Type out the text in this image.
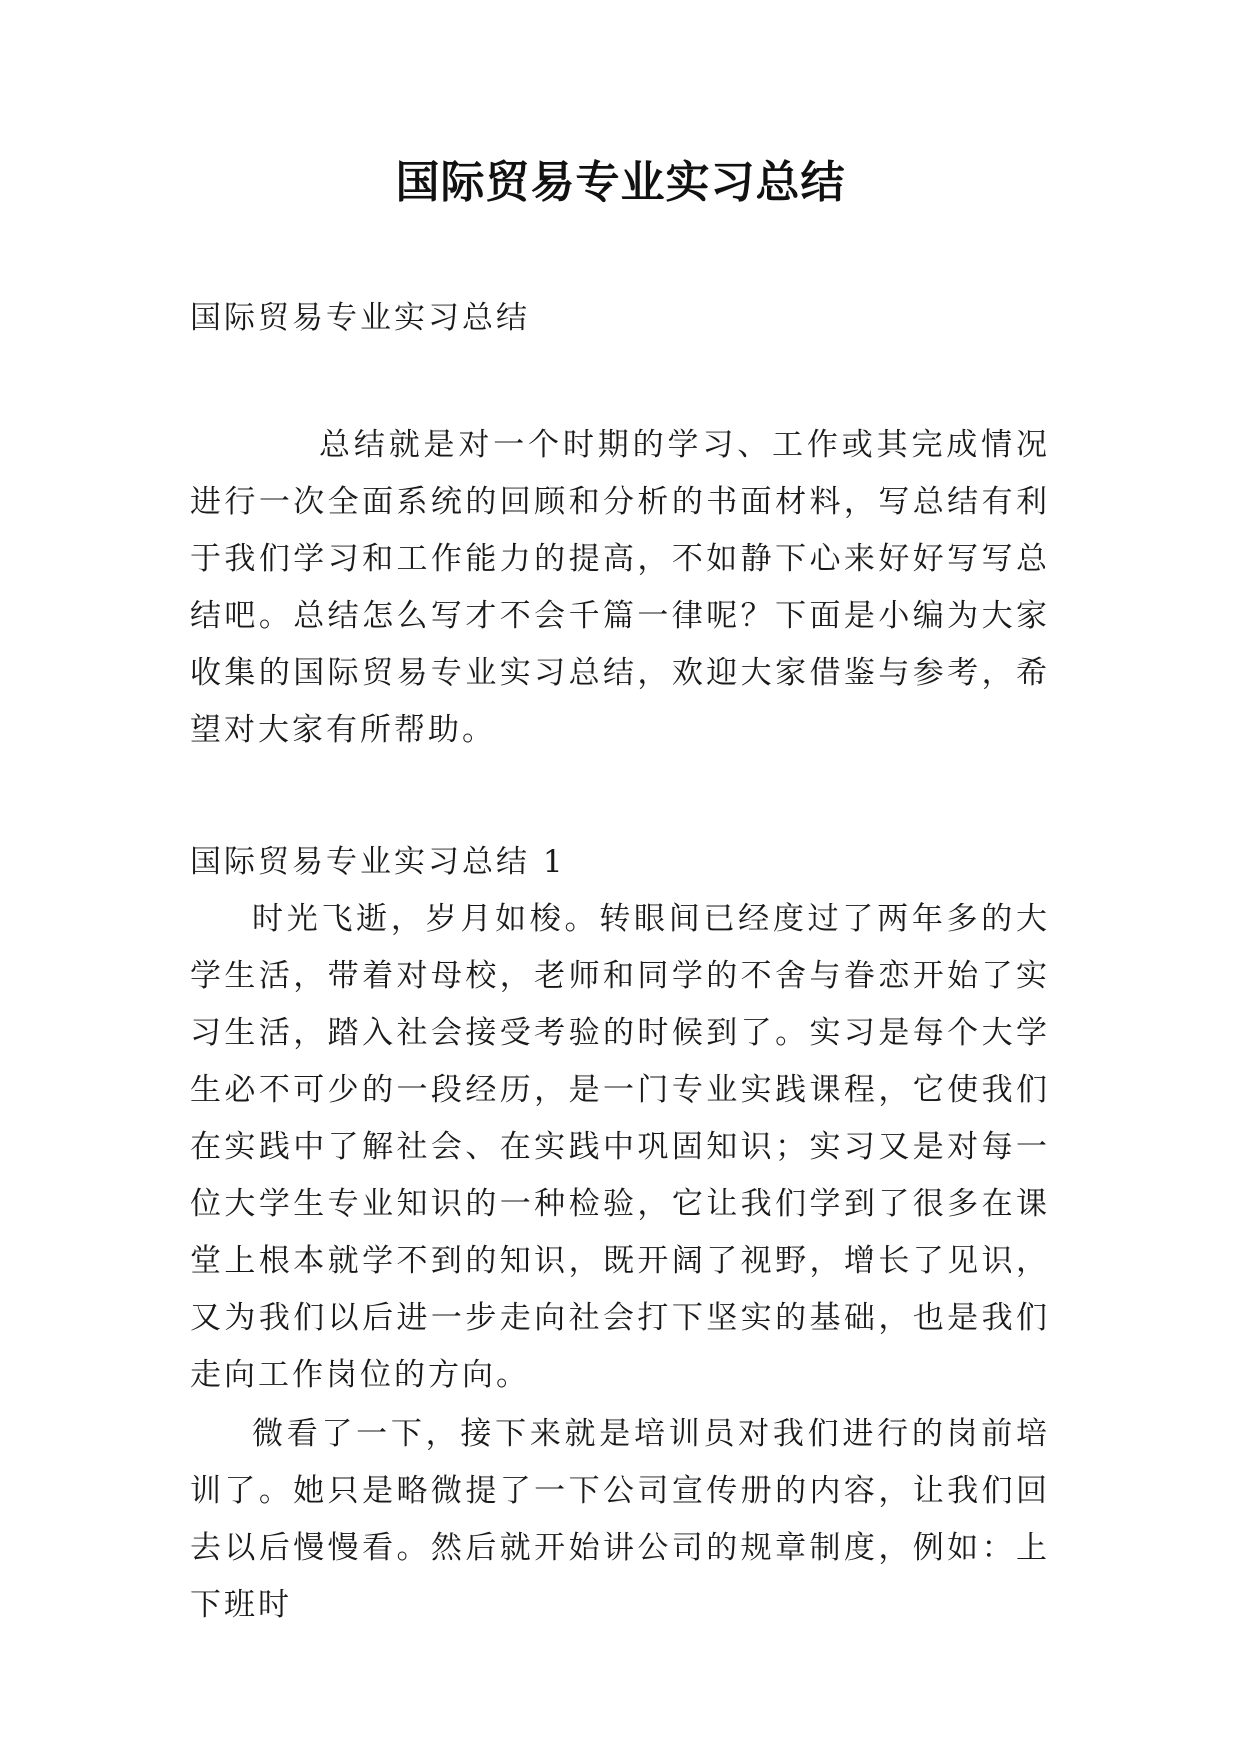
国际贸易专业实习总结
国际贸易专业实习总结

总结就是对一个时期的学习、工作或其完成情况进行一次全面系统的回顾和分析的书面材料，写总结有利于我们学习和工作能力的提高，不如静下心来好好写写总结吧。总结怎么写才不会千篇一律呢？下面是小编为大家收集的国际贸易专业实习总结，欢迎大家借鉴与参考，希望对大家有所帮助。

国际贸易专业实习总结 1

时光飞逝，岁月如梭。转眼间已经度过了两年多的大学生活，带着对母校，老师和同学的不舍与眷恋开始了实习生活，踏入社会接受考验的时候到了。实习是每个大学生必不可少的一段经历，是一门专业实践课程，它使我们在实践中了解社会、在实践中巩固知识；实习又是对每一位大学生专业知识的一种检验，它让我们学到了很多在课堂上根本就学不到的知识，既开阔了视野，增长了见识，又为我们以后进一步走向社会打下坚实的基础，也是我们走向工作岗位的方向。

微看了一下，接下来就是培训员对我们进行的岗前培训了。她只是略微提了一下公司宣传册的内容，让我们回去以后慢慢看。然后就开始讲公司的规章制度，例如：上下班时
